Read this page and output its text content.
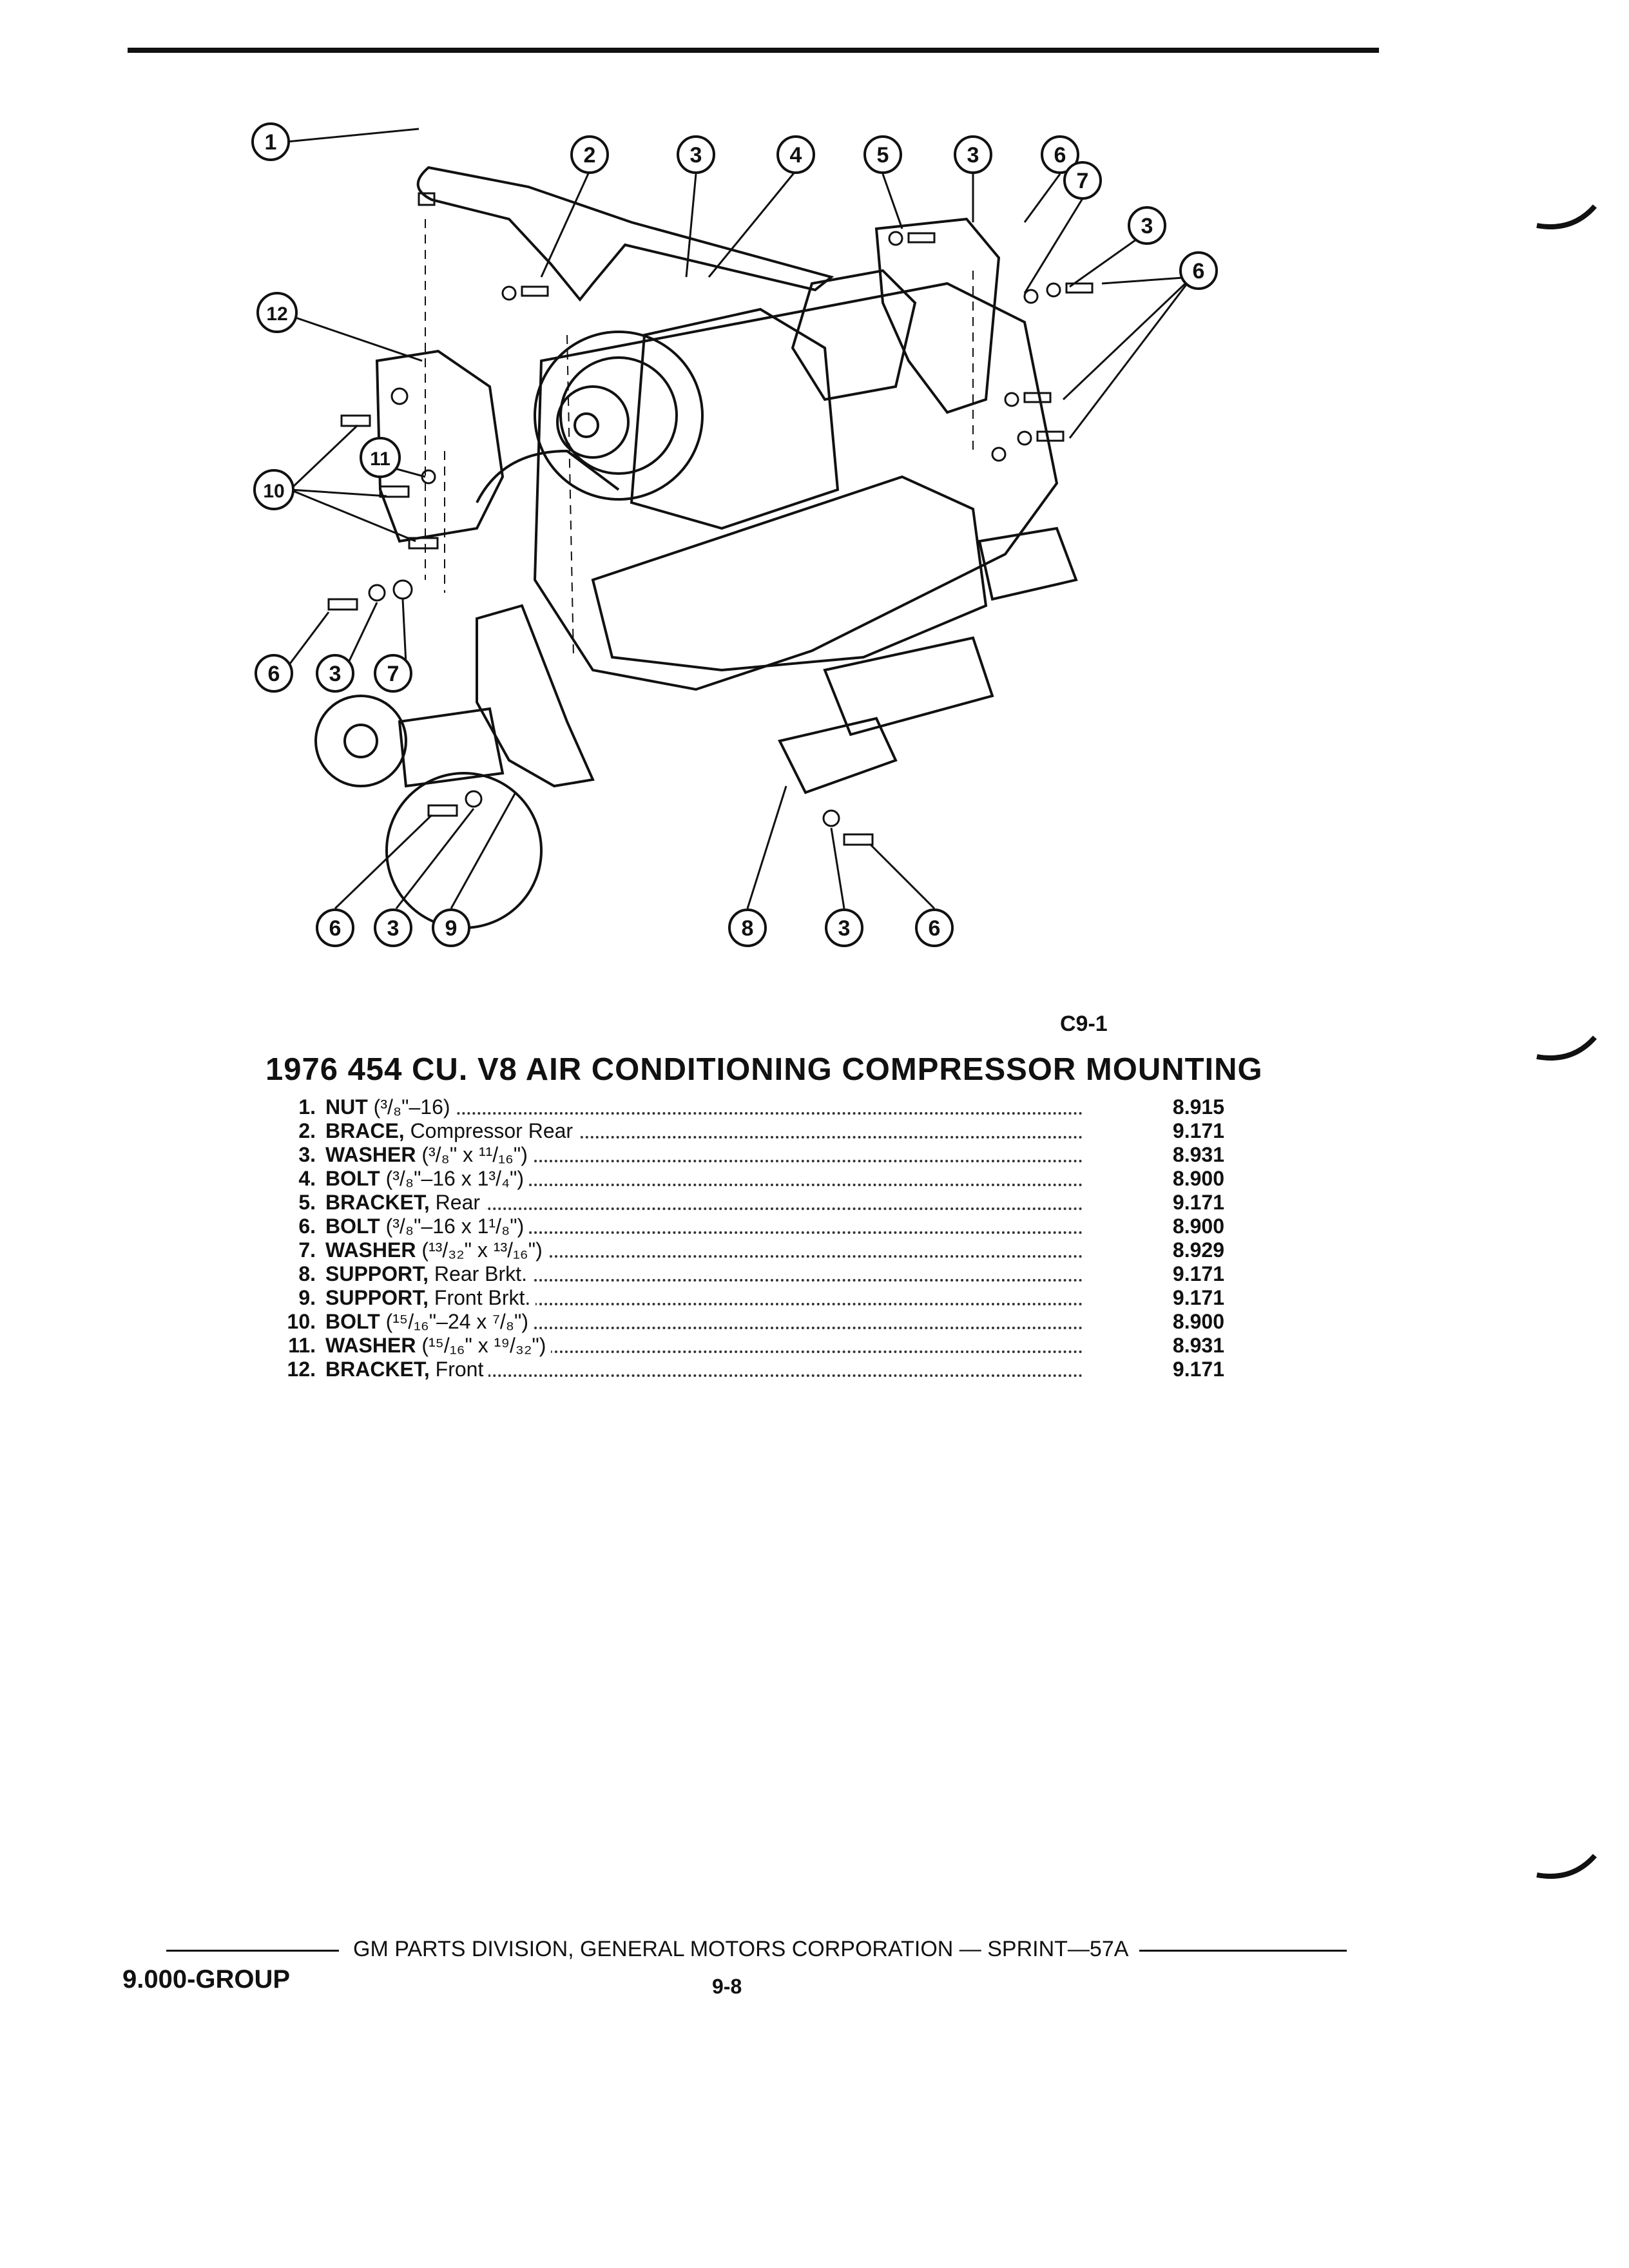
1
2	3	4	5	3	6
7
3
6
12
11
10
6 3 7
6 3 9	8	3	6
C9-1
1976 454 CU. V8 AIR CONDITIONING COMPRESSOR MOUNTING
1. NUT (³/₈"–16)	8.915
2. BRACE, Compressor Rear	9.171
3. WASHER (³/₈" x ¹¹/₁₆")	8.931
4. BOLT (³/₈"–16 x 1³/₄")	8.900
5. BRACKET, Rear	9.171
6. BOLT (³/₈"–16 x 1¹/₈")	8.900
7. WASHER (¹³/₃₂" x ¹³/₁₆")	8.929
8. SUPPORT, Rear Brkt.	9.171
9. SUPPORT, Front Brkt.	9.171
10. BOLT (¹⁵/₁₆"–24 x ⁷/₈")	8.900
11. WASHER (¹⁵/₁₆" x ¹⁹/₃₂")	8.931
12. BRACKET, Front	9.171
GM PARTS DIVISION, GENERAL MOTORS CORPORATION — SPRINT—57A
9.000-GROUP	9-8
